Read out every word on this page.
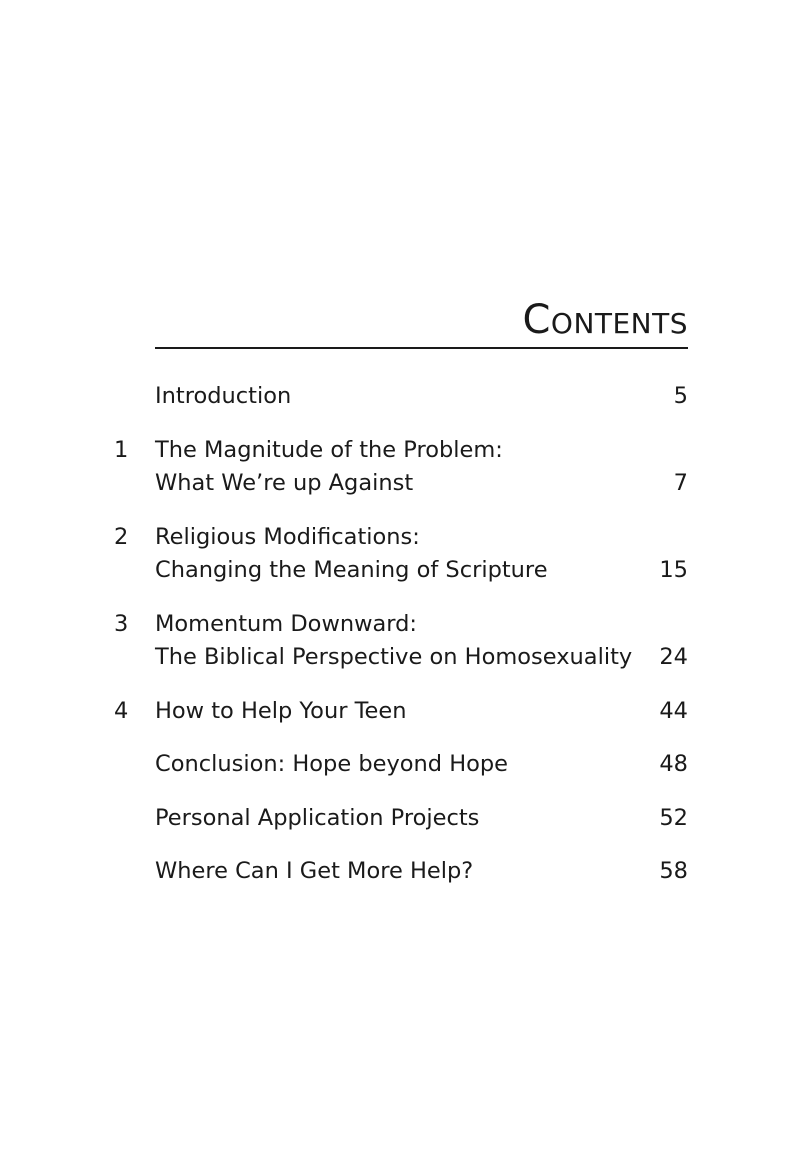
Contents
Introduction	5
1	The Magnitude of the Problem:
What We’re up Against	7
2	Religious Modifications:
Changing the Meaning of Scripture	15
3	Momentum Downward:
The Biblical Perspective on Homosexuality	24
4	How to Help Your Teen	44
Conclusion: Hope beyond Hope	48
Personal Application Projects	52
Where Can I Get More Help?	58
